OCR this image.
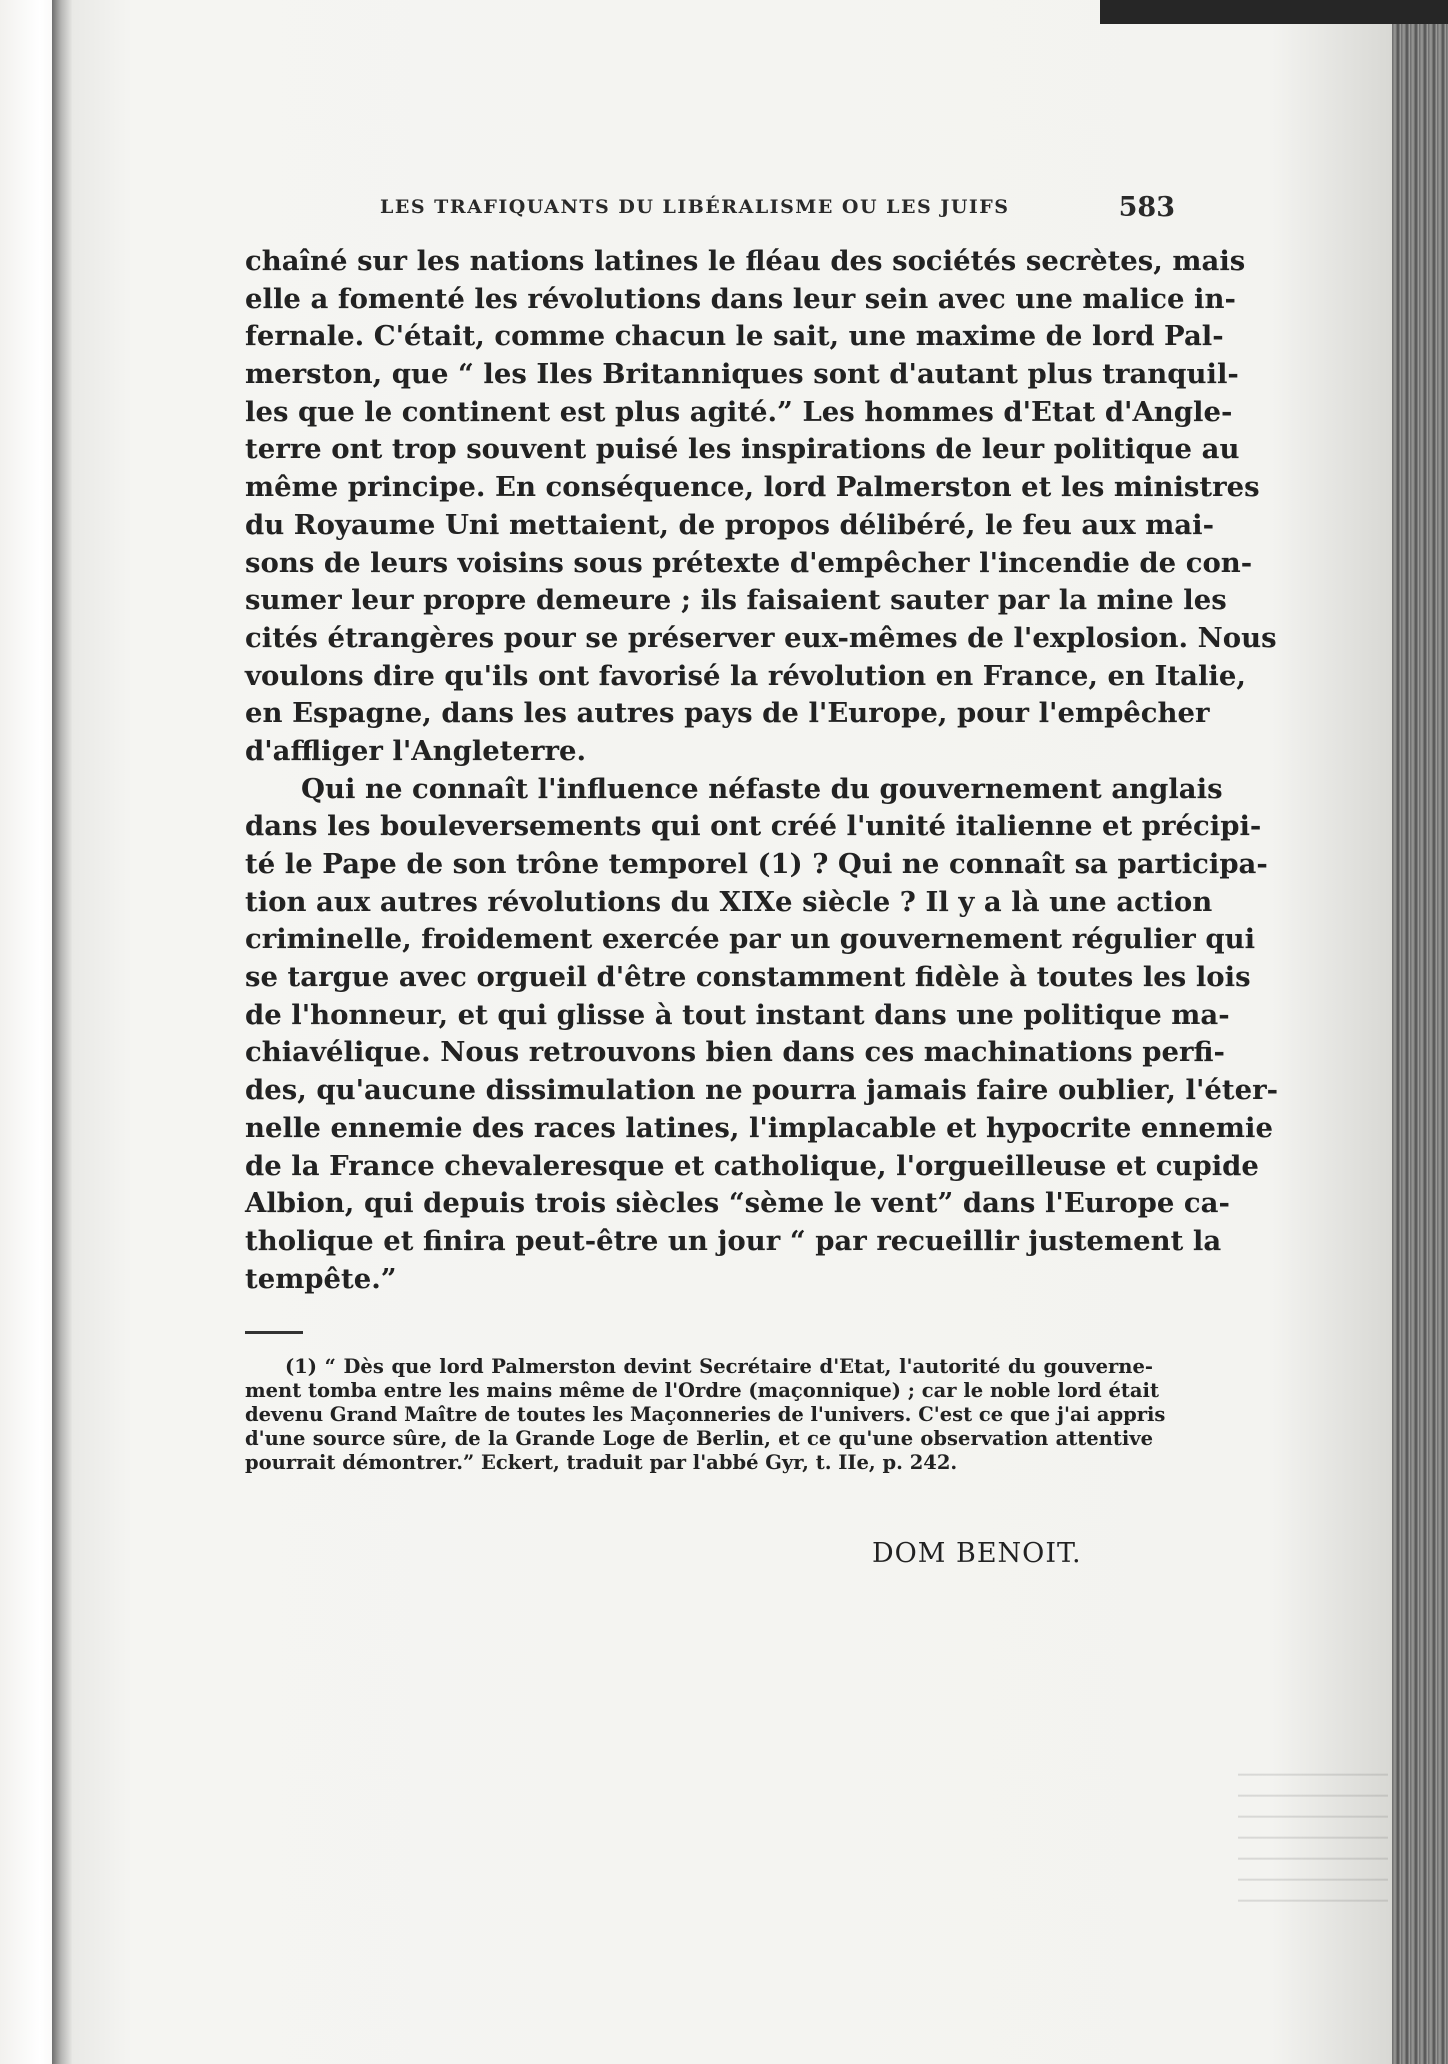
LES TRAFIQUANTS DU LIBÉRALISME OU LES JUIFS	583
chaîné sur les nations latines le fléau des sociétés secrètes, mais
elle a fomenté les révolutions dans leur sein avec une malice in-
fernale. C'était, comme chacun le sait, une maxime de lord Pal-
merston, que “ les Iles Britanniques sont d'autant plus tranquil-
les que le continent est plus agité.” Les hommes d'Etat d'Angle-
terre ont trop souvent puisé les inspirations de leur politique au
même principe. En conséquence, lord Palmerston et les ministres
du Royaume Uni mettaient, de propos délibéré, le feu aux mai-
sons de leurs voisins sous prétexte d'empêcher l'incendie de con-
sumer leur propre demeure ; ils faisaient sauter par la mine les
cités étrangères pour se préserver eux-mêmes de l'explosion. Nous
voulons dire qu'ils ont favorisé la révolution en France, en Italie,
en Espagne, dans les autres pays de l'Europe, pour l'empêcher
d'affliger l'Angleterre.
Qui ne connaît l'influence néfaste du gouvernement anglais
dans les bouleversements qui ont créé l'unité italienne et précipi-
té le Pape de son trône temporel (1) ? Qui ne connaît sa participa-
tion aux autres révolutions du XIXe siècle ? Il y a là une action
criminelle, froidement exercée par un gouvernement régulier qui
se targue avec orgueil d'être constamment fidèle à toutes les lois
de l'honneur, et qui glisse à tout instant dans une politique ma-
chiavélique. Nous retrouvons bien dans ces machinations perfi-
des, qu'aucune dissimulation ne pourra jamais faire oublier, l'éter-
nelle ennemie des races latines, l'implacable et hypocrite ennemie
de la France chevaleresque et catholique, l'orgueilleuse et cupide
Albion, qui depuis trois siècles “sème le vent” dans l'Europe ca-
tholique et finira peut-être un jour “ par recueillir justement la
tempête.”
(1) “ Dès que lord Palmerston devint Secrétaire d'Etat, l'autorité du gouverne-
ment tomba entre les mains même de l'Ordre (maçonnique) ; car le noble lord était
devenu Grand Maître de toutes les Maçonneries de l'univers. C'est ce que j'ai appris
d'une source sûre, de la Grande Loge de Berlin, et ce qu'une observation attentive
pourrait démontrer.” Eckert, traduit par l'abbé Gyr, t. IIe, p. 242.
DOM BENOIT.
